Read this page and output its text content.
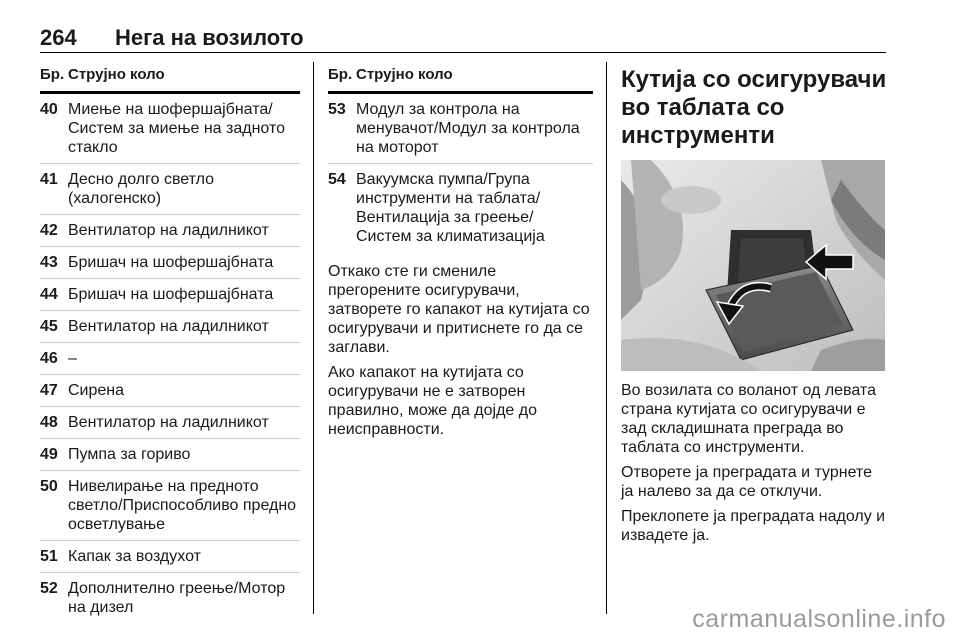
264 Нега на возилото
Бр. Струјно коло
40 Миење на шофершајбната/ Систем за миење на задното стакло
41 Десно долго светло (халогенско)
42 Вентилатор на ладилникот
43 Бришач на шофершајбната
44 Бришач на шофершајбната
45 Вентилатор на ладилникот
46 –
47 Сирена
48 Вентилатор на ладилникот
49 Пумпа за гориво
50 Нивелирање на предното светло/Приспособливо предно осветлување
51 Капак за воздухот
52 Дополнително греење/Мотор на дизел
Бр. Струјно коло
53 Модул за контрола на менувачот/Модул за контрола на моторот
54 Вакуумска пумпа/Група инструменти на таблата/ Вентилација за греење/ Систем за климатизација

Откако сте ги смениле прегорените осигурувачи, затворете го капакот на кутијата со осигурувачи и притиснете го да се заглави.

Ако капакот на кутијата со осигурувачи не е затворен правилно, може да дојде до неисправности.

Кутија со осигурувачи во таблата со инструменти

Во возилата со воланот од левата страна кутијата со осигурувачи е зад складишната преграда во таблата со инструменти.

Отворете ја преградата и турнете ја налево за да се отклучи.

Преклопете ја преградата надолу и извадете ја.

carmanualsonline.info
